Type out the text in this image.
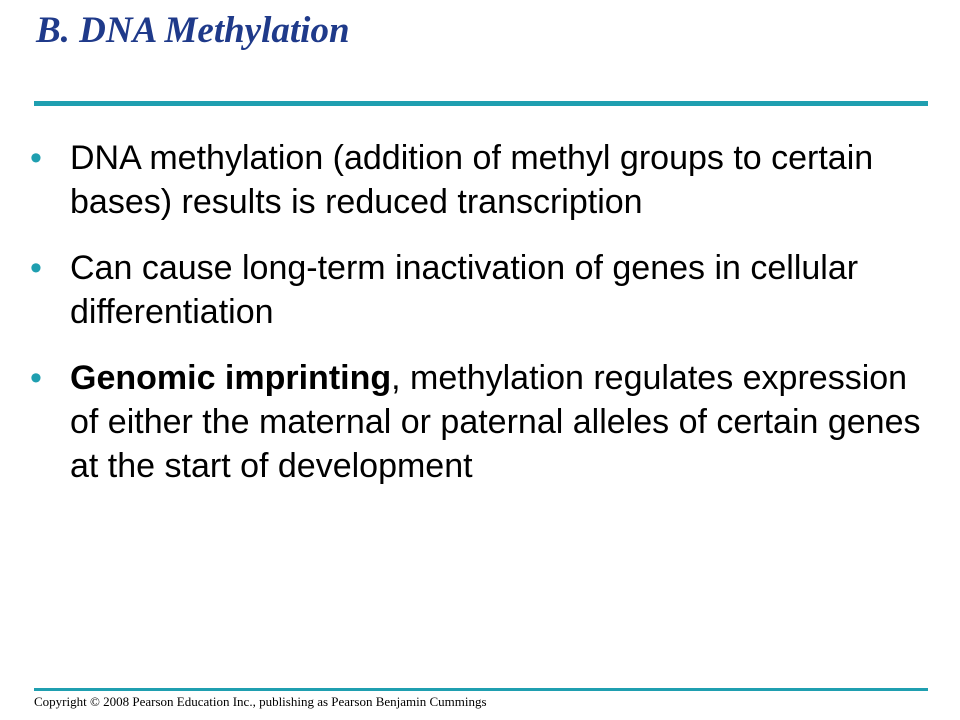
B. DNA Methylation
• DNA methylation (addition of methyl groups to certain bases) results is reduced transcription
• Can cause long-term inactivation of genes in cellular differentiation
• Genomic imprinting, methylation regulates expression of either the maternal or paternal alleles of certain genes at the start of development
Copyright © 2008 Pearson Education Inc., publishing as Pearson Benjamin Cummings
